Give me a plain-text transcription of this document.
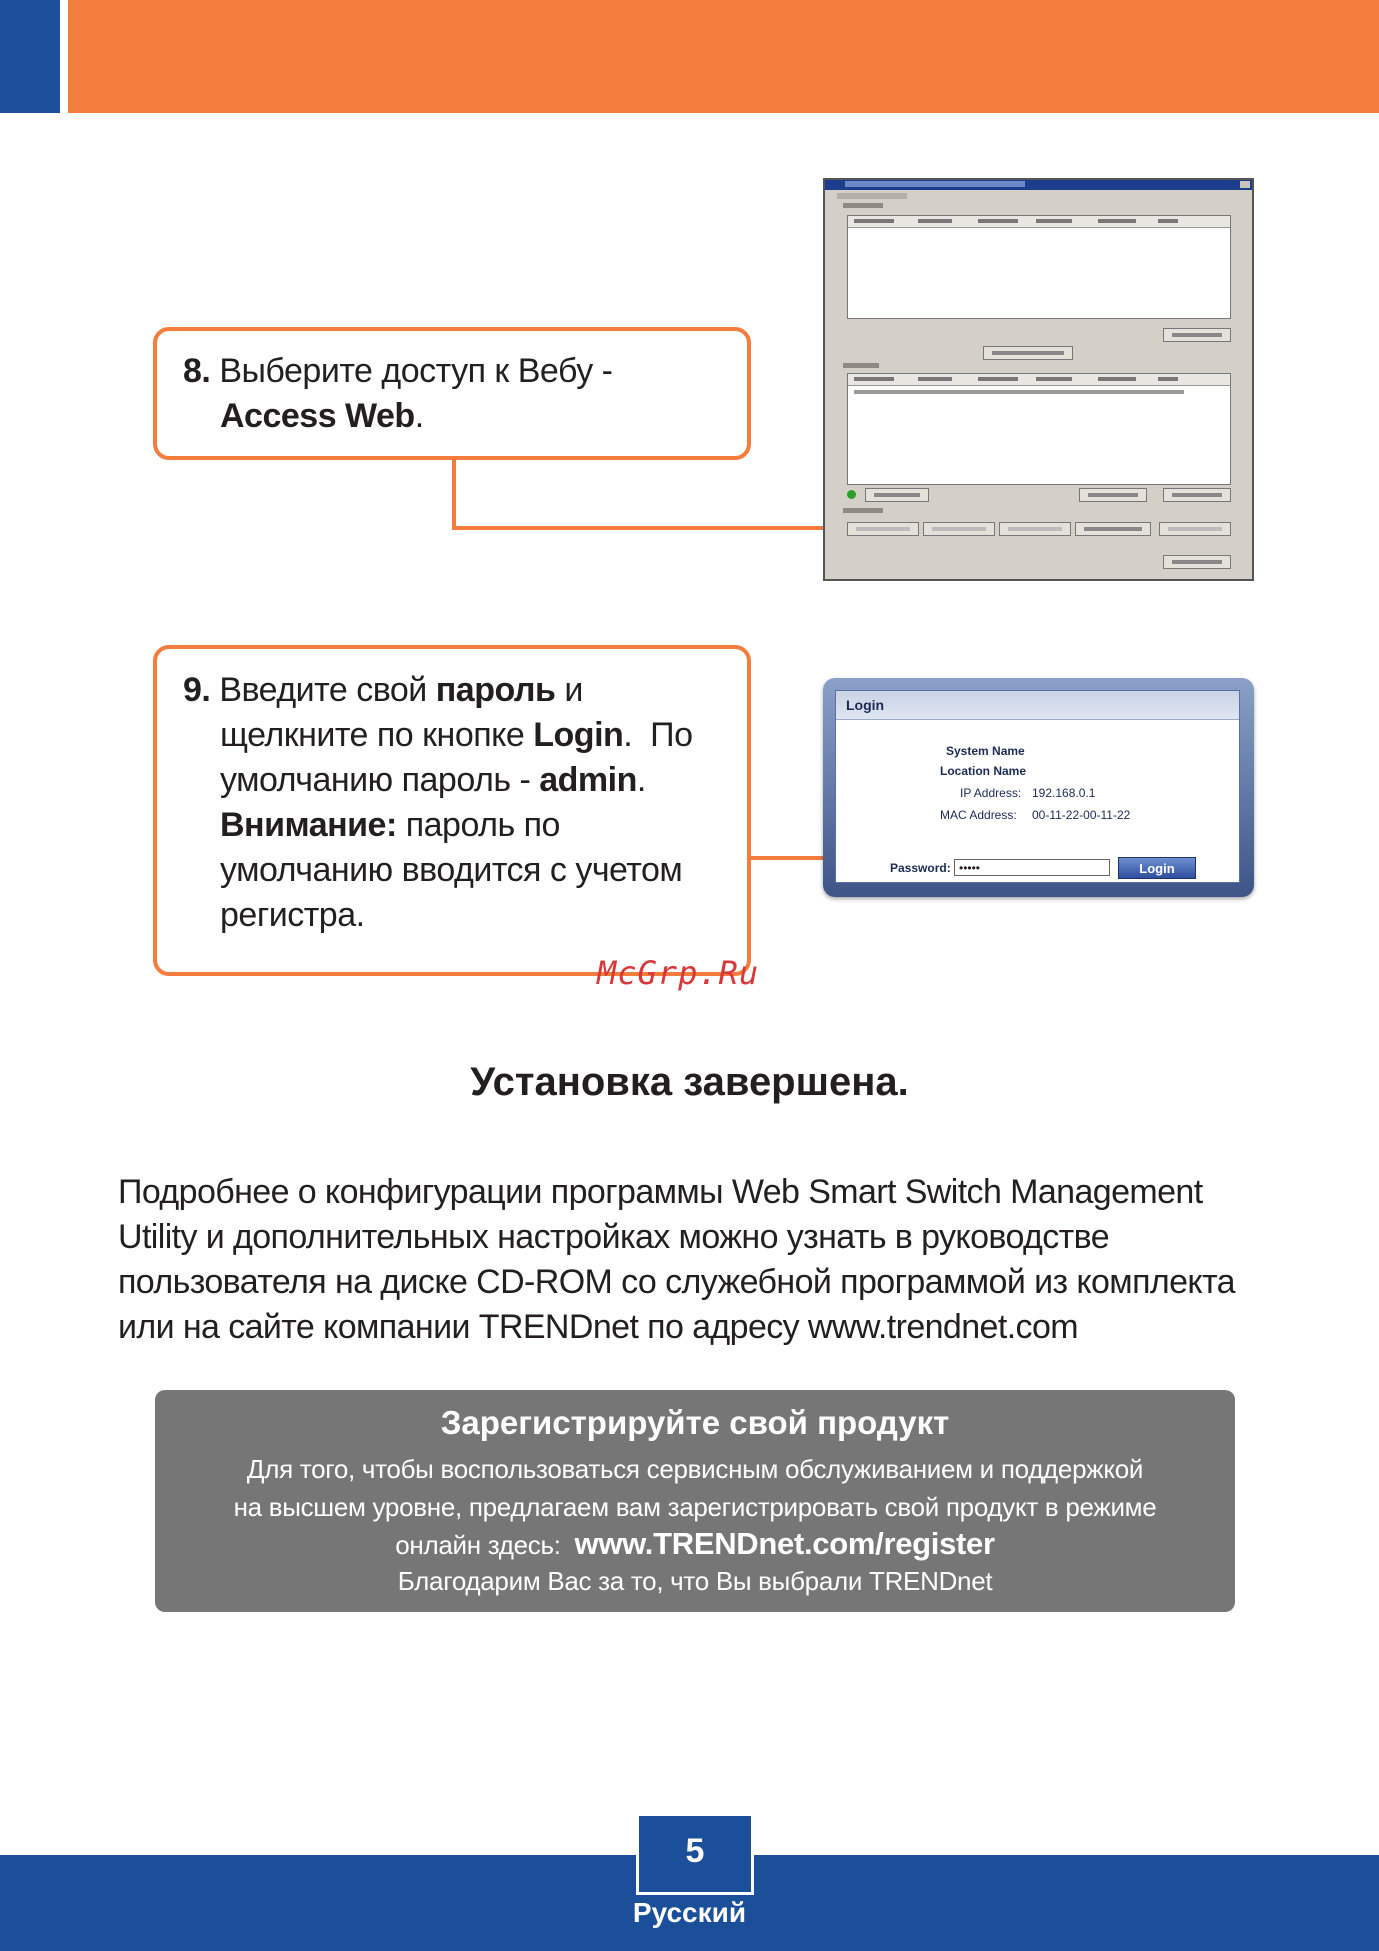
8. Выберите доступ к Вебу -
Access Web.
9. Введите свой пароль и
щелкните по кнопке Login.  По
умолчанию пароль - admin.
Внимание: пароль по
умолчанию вводится с учетом
регистра.
Login
System Name
Location Name
IP Address: 192.168.0.1
MAC Address: 00-11-22-00-11-22
Password: •••••	Login
McGrp.Ru
Установка завершена.
Подробнее о конфигурации программы Web Smart Switch Management
Utility и дополнительных настройках можно узнать в руководстве
пользователя на диске CD-ROM со служебной программой из комплекта
или на сайте компании TRENDnet по адресу www.trendnet.com
Зарегистрируйте свой продукт
Для того, чтобы воспользоваться сервисным обслуживанием и поддержкой
на высшем уровне, предлагаем вам зарегистрировать свой продукт в режиме
онлайн здесь:  www.TRENDnet.com/register
Благодарим Вас за то, что Вы выбрали TRENDnet
5
Русский
